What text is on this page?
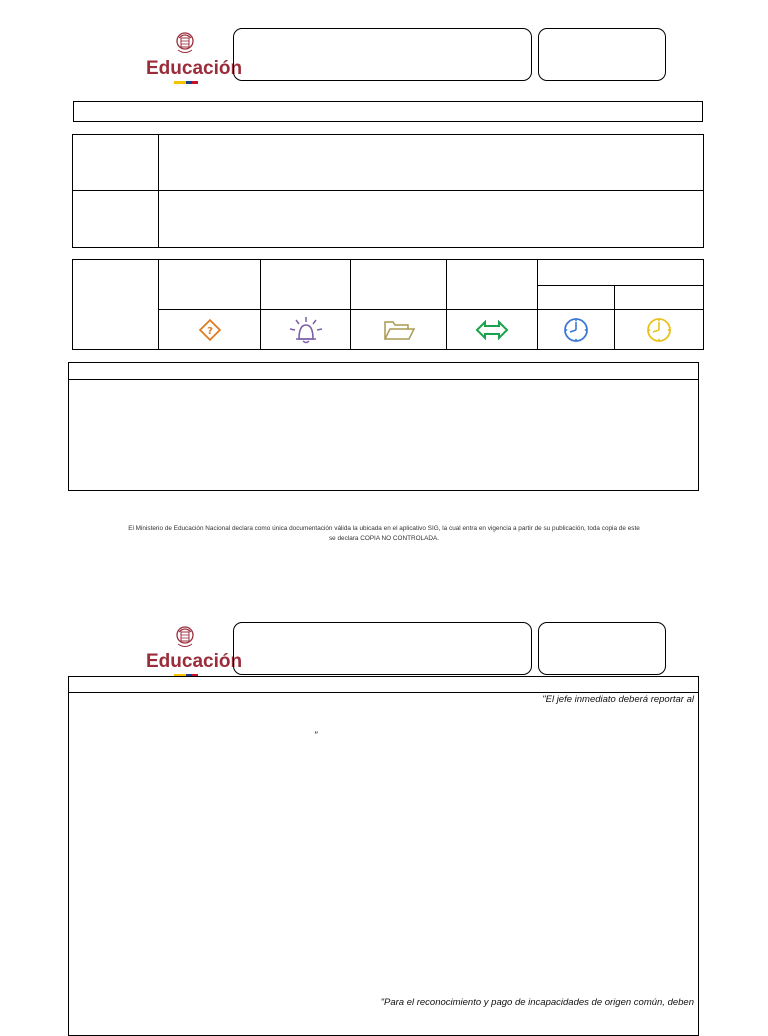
Educación
?
El Ministerio de Educación Nacional declara como única documentación válida la ubicada en el aplicativo SIG, la cual entra en vigencia a partir de su publicación, toda copia de este
se declara COPIA NO CONTROLADA.
Educación
"El jefe inmediato deberá reportar al
"
"Para el reconocimiento y pago de incapacidades de origen común, deben
